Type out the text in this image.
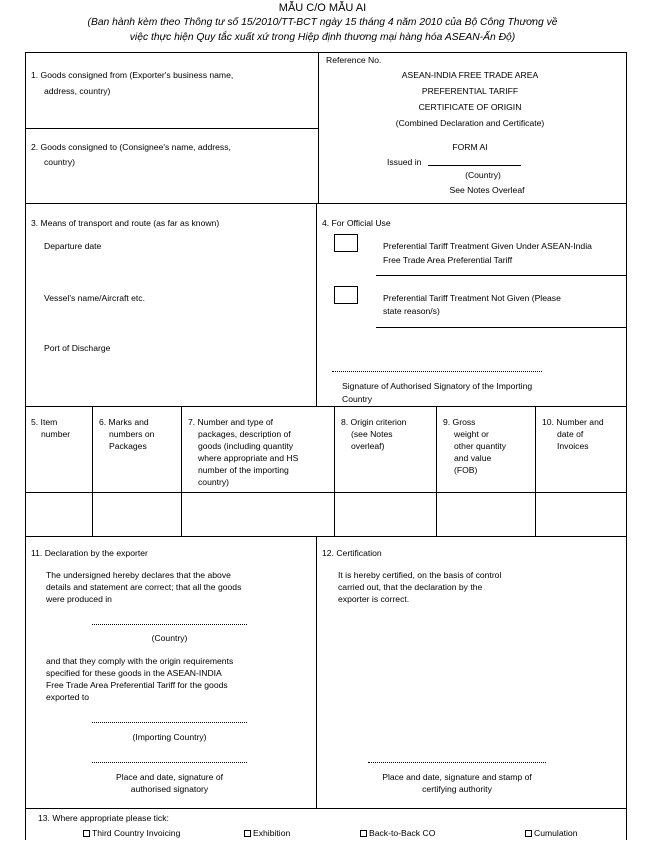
MẪU C/O MẪU AI
(Ban hành kèm theo Thông tư số 15/2010/TT-BCT ngày 15 tháng 4 năm 2010 của Bộ Công Thương về
việc thực hiện Quy tắc xuất xứ trong Hiệp định thương mại hàng hóa ASEAN-Ấn Độ)
1. Goods consigned from (Exporter's business name,
address, country)
2. Goods consigned to (Consignee's name, address,
country)
Reference No.
ASEAN-INDIA FREE TRADE AREA
PREFERENTIAL TARIFF
CERTIFICATE OF ORIGIN
(Combined Declaration and Certificate)
FORM AI
Issued in
(Country)
See Notes Overleaf
3. Means of transport and route (as far as known)
Departure date
Vessel's name/Aircraft etc.
Port of Discharge
4. For Official Use
Preferential Tariff Treatment Given Under ASEAN-India
Free Trade Area Preferential Tariff
Preferential Tariff Treatment Not Given (Please
state reason/s)
Signature of Authorised Signatory of the Importing
Country
5. Item
number
6. Marks and
numbers on
Packages
7. Number and type of
packages, description of
goods (including quantity
where appropriate and HS
number of the importing
country)
8. Origin criterion
(see Notes
overleaf)
9. Gross
weight or
other quantity
and value
(FOB)
10. Number and
date of
Invoices
11. Declaration by the exporter
The undersigned hereby declares that the above
details and statement are correct; that all the goods
were produced in
(Country)
and that they comply with the origin requirements
specified for these goods in the ASEAN-INDIA
Free Trade Area Preferential Tariff for the goods
exported to
(Importing Country)
Place and date, signature of
authorised signatory
12. Certification
It is hereby certified, on the basis of control
carried out, that the declaration by the
exporter is correct.
Place and date, signature and stamp of
certifying authority
13. Where appropriate please tick:
Third Country Invoicing	Exhibition	Back-to-Back CO	Cumulation
